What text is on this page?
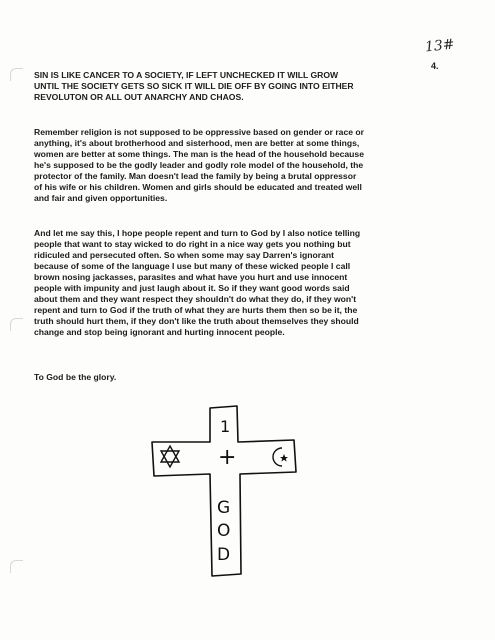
13#
4.

SIN IS LIKE CANCER TO A SOCIETY, IF LEFT UNCHECKED IT WILL GROW
UNTIL THE SOCIETY GETS SO SICK IT WILL DIE OFF BY GOING INTO EITHER
REVOLUTON OR ALL OUT ANARCHY AND CHAOS.

Remember religion is not supposed to be oppressive based on gender or race or
anything, it's about brotherhood and sisterhood, men are better at some things,
women are better at some things. The man is the head of the household because
he's supposed to be the godly leader and godly role model of the household, the
protector of the family. Man doesn't lead the family by being a brutal oppressor
of his wife or his children. Women and girls should be educated and treated well
and fair and given opportunities.

And let me say this, I hope people repent and turn to God by I also notice telling
people that want to stay wicked to do right in a nice way gets you nothing but
ridiculed and persecuted often. So when some may say Darren's ignorant
because of some of the language I use but many of these wicked people I call
brown nosing jackasses, parasites and what have you hurt and use innocent
people with impunity and just laugh about it. So if they want good words said
about them and they want respect they shouldn't do what they do, if they won't
repent and turn to God if the truth of what they are hurts them then so be it, the
truth should hurt them, if they don't like the truth about themselves they should
change and stop being ignorant and hurting innocent people.

To God be the glory.
1
+
G
O
D
